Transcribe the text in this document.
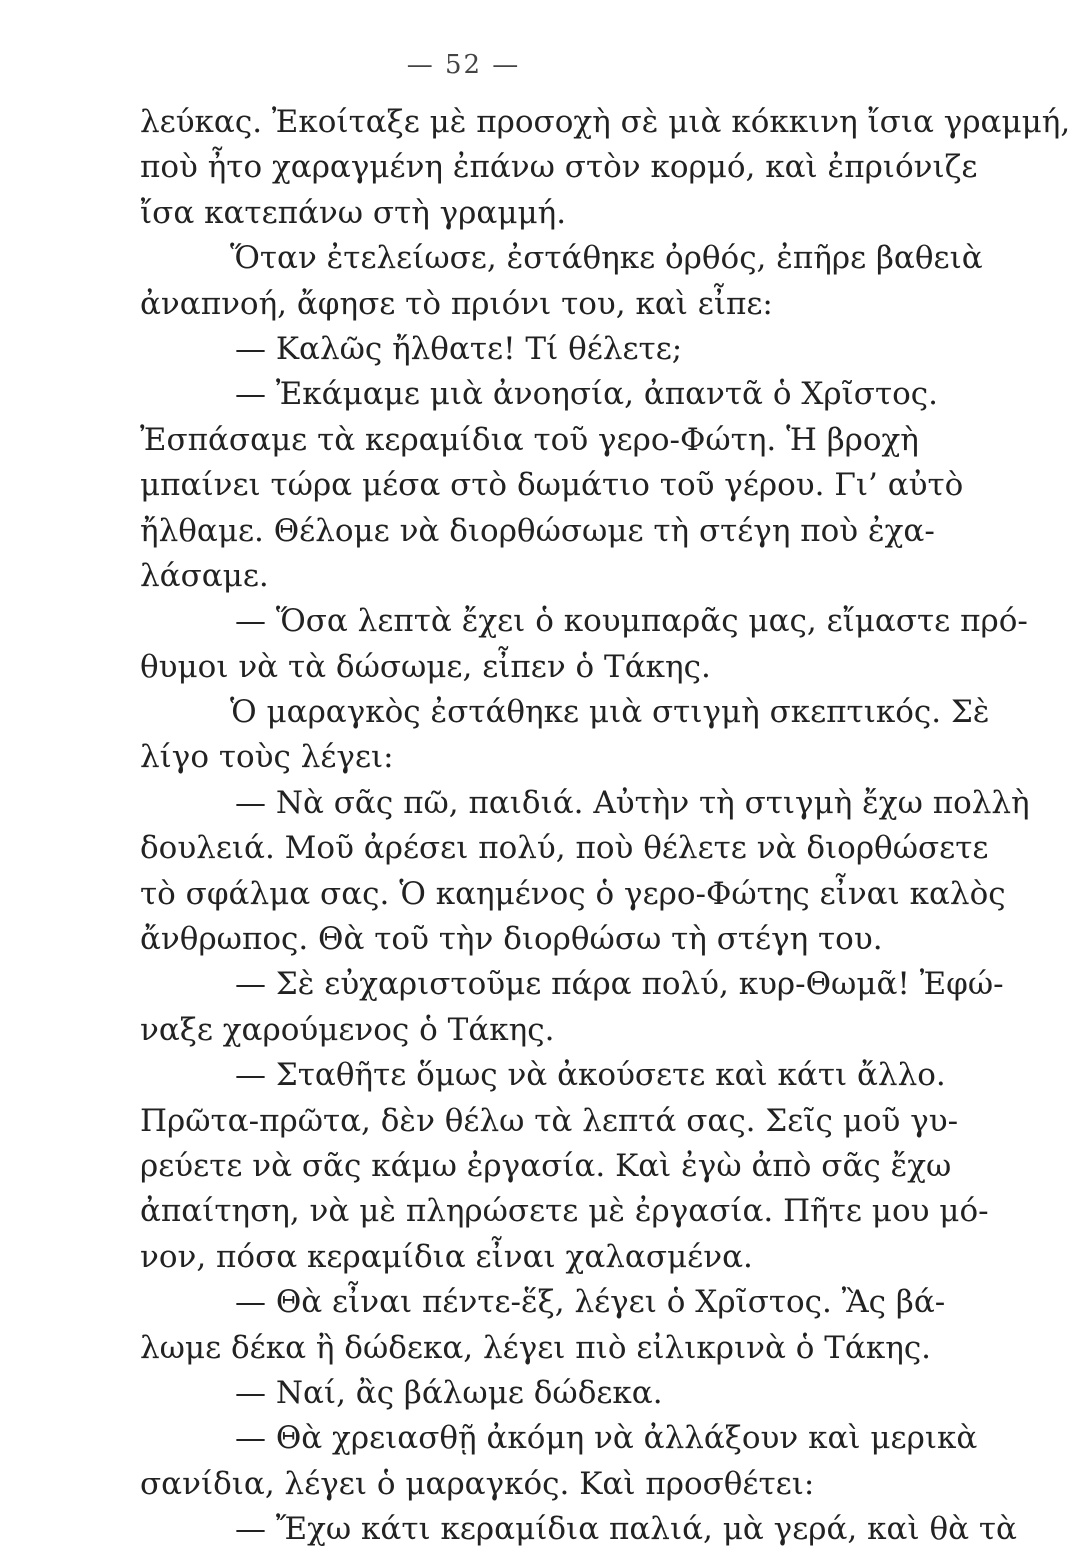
— 52 —
λεύκας. Ἐκοίταξε μὲ προσοχὴ σὲ μιὰ κόκκινη ἴσια γραμμή,
ποὺ ἦτο χαραγμένη ἐπάνω στὸν κορμό, καὶ ἐπριόνιζε
ἴσα κατεπάνω στὴ γραμμή.
Ὅταν ἐτελείωσε, ἐστάθηκε ὀρθός, ἐπῆρε βαθειὰ
ἀναπνοή, ἄφησε τὸ πριόνι του, καὶ εἶπε:
— Καλῶς ἤλθατε! Τί θέλετε;
— Ἐκάμαμε μιὰ ἀνοησία, ἀπαντᾶ ὁ Χρῖστος.
Ἐσπάσαμε τὰ κεραμίδια τοῦ γερο-Φώτη. Ἡ βροχὴ
μπαίνει τώρα μέσα στὸ δωμάτιο τοῦ γέρου. Γι’ αὐτὸ
ἤλθαμε. Θέλομε νὰ διορθώσωμε τὴ στέγη ποὺ ἐχα-
λάσαμε.
— Ὅσα λεπτὰ ἔχει ὁ κουμπαρᾶς μας, εἴμαστε πρό-
θυμοι νὰ τὰ δώσωμε, εἶπεν ὁ Τάκης.
Ὁ μαραγκὸς ἐστάθηκε μιὰ στιγμὴ σκεπτικός. Σὲ
λίγο τοὺς λέγει:
— Νὰ σᾶς πῶ, παιδιά. Αὐτὴν τὴ στιγμὴ ἔχω πολλὴ
δουλειά. Μοῦ ἀρέσει πολύ, ποὺ θέλετε νὰ διορθώσετε
τὸ σφάλμα σας. Ὁ καημένος ὁ γερο-Φώτης εἶναι καλὸς
ἄνθρωπος. Θὰ τοῦ τὴν διορθώσω τὴ στέγη του.
— Σὲ εὐχαριστοῦμε πάρα πολύ, κυρ-Θωμᾶ! Ἐφώ-
ναξε χαρούμενος ὁ Τάκης.
— Σταθῆτε ὅμως νὰ ἀκούσετε καὶ κάτι ἄλλο.
Πρῶτα-πρῶτα, δὲν θέλω τὰ λεπτά σας. Σεῖς μοῦ γυ-
ρεύετε νὰ σᾶς κάμω ἐργασία. Καὶ ἐγὼ ἀπὸ σᾶς ἔχω
ἀπαίτηση, νὰ μὲ πληρώσετε μὲ ἐργασία. Πῆτε μου μό-
νον, πόσα κεραμίδια εἶναι χαλασμένα.
— Θὰ εἶναι πέντε-ἕξ, λέγει ὁ Χρῖστος. Ἂς βά-
λωμε δέκα ἢ δώδεκα, λέγει πιὸ εἰλικρινὰ ὁ Τάκης.
— Ναί, ἂς βάλωμε δώδεκα.
— Θὰ χρειασθῇ ἀκόμη νὰ ἀλλάξουν καὶ μερικὰ
σανίδια, λέγει ὁ μαραγκός. Καὶ προσθέτει:
— Ἔχω κάτι κεραμίδια παλιά, μὰ γερά, καὶ θὰ τὰ
